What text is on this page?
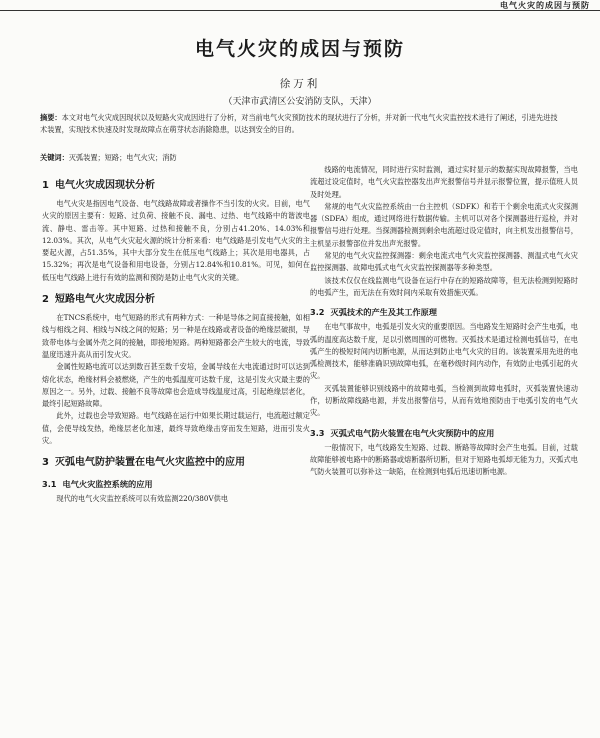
电气火灾的成因与预防
电气火灾的成因与预防
徐万利
（天津市武清区公安消防支队，天津）
摘要：本文对电气火灾成因现状以及短路火灾成因进行了分析，对当前电气火灾预防技术的现状进行了分析，并对新一代电气火灾监控技术进行了阐述，引进先进技术装置，实现技术快速及时发现故障点在萌芽状态消除隐患，以达到安全的目的。
关键词：灭弧装置；短路；电气火灾；消防
1 电气火灾成因现状分析
电气火灾是指因电气设备、电气线路故障或者操作不当引发的火灾。目前，电气火灾的原因主要有：短路、过负荷、接触不良、漏电、过热、电气线路中的谐波电流、静电、雷击等。其中短路、过热和接触不良，分别占41.20%、14.03%和12.03%。其次，从电气火灾起火源的统计分析来看：电气线路是引发电气火灾的主要起火源，占51.35%，其中大部分发生在低压电气线路上；其次是用电器具，占15.32%；再次是电气设备和用电设备，分别占12.84%和10.81%。可见，如何在低压电气线路上进行有效的监测和预防是防止电气火灾的关键。
2 短路电气火灾成因分析
在TNCS系统中，电气短路的形式有两种方式：一种是导体之间直接接触，如相线与相线之间、相线与N线之间的短路；另一种是在线路或者设备的绝缘层破损，导致带电体与金属外壳之间的接触，即接地短路。两种短路都会产生较大的电流，导致温度迅速升高从而引发火灾。
金属性短路电流可以达到数百甚至数千安培，金属导线在大电流通过时可以达到熔化状态，绝缘材料会被燃烧，产生的电弧温度可达数千度，这是引发火灾最主要的原因之一。另外，过载、接触不良等故障也会造成导线温度过高，引起绝缘层老化，最终引起短路故障。
此外，过载也会导致短路。电气线路在运行中如果长期过载运行，电流超过额定值，会使导线发热，绝缘层老化加速，最终导致绝缘击穿而发生短路，进而引发火灾。
3 灭弧电气防护装置在电气火灾监控中的应用
3.1 电气火灾监控系统的应用
现代的电气火灾监控系统可以有效监测220/380V供电
线路的电流情况，同时进行实时监测，通过实时显示的数据实现故障报警，当电流超过设定值时，电气火灾监控器发出声光报警信号并显示报警位置，提示值班人员及时处理。
常规的电气火灾监控系统由一台主控机（SDFK）和若干个剩余电流式火灾探测器（SDFA）组成，通过网络进行数据传输。主机可以对各个探测器进行巡检，并对报警信号进行处理。当探测器检测到剩余电流超过设定值时，向主机发出报警信号，主机显示报警部位并发出声光报警。
常见的电气火灾监控探测器：剩余电流式电气火灾监控探测器、测温式电气火灾监控探测器、故障电弧式电气火灾监控探测器等多种类型。
该技术仅仅在线监测电气设备在运行中存在的短路故障等，但无法检测到短路时的电弧产生，而无法在有效时间内采取有效措施灭弧。
3.2 灭弧技术的产生及其工作原理
在电气事故中，电弧是引发火灾的重要原因。当电路发生短路时会产生电弧，电弧的温度高达数千度，足以引燃周围的可燃物。灭弧技术是通过检测电弧信号，在电弧产生的极短时间内切断电源，从而达到防止电气火灾的目的。该装置采用先进的电弧检测技术，能够准确识别故障电弧，在毫秒级时间内动作，有效防止电弧引起的火灾。
灭弧装置能够识别线路中的故障电弧，当检测到故障电弧时，灭弧装置快速动作，切断故障线路电源，并发出报警信号，从而有效地预防由于电弧引发的电气火灾。
3.3 灭弧式电气防火装置在电气火灾预防中的应用
一般情况下，电气线路发生短路、过载、断路等故障时会产生电弧。目前，过载故障能够被电路中的断路器或熔断器所切断，但对于短路电弧却无能为力，灭弧式电气防火装置可以弥补这一缺陷，在检测到电弧后迅速切断电源。
